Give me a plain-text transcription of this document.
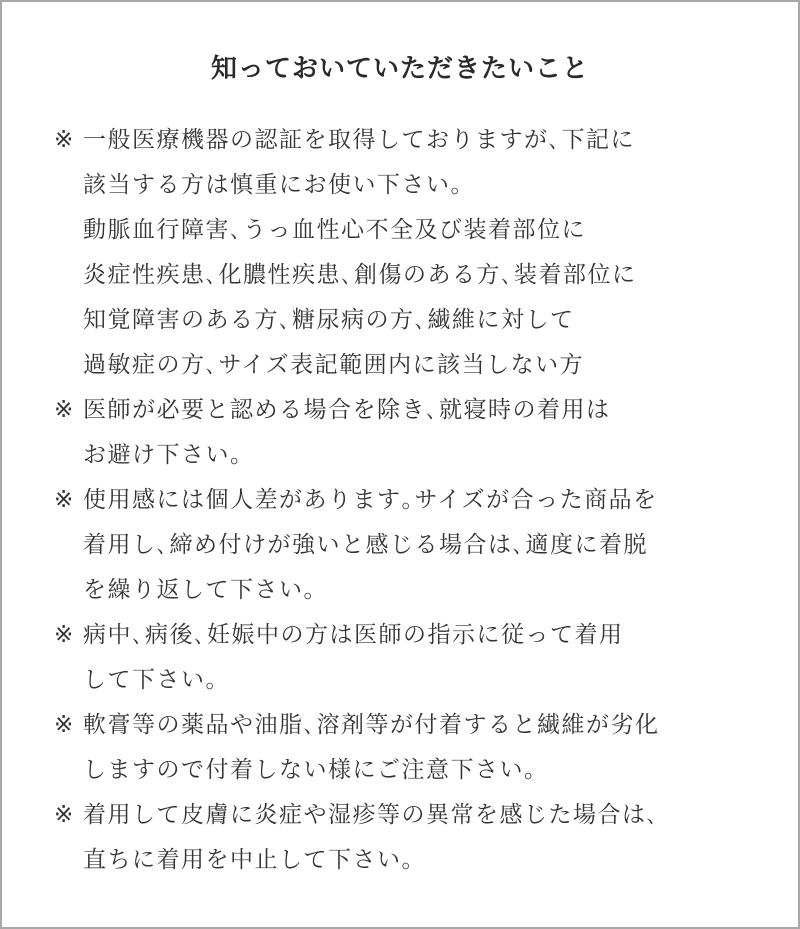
知っておいていただきたいこと
※ 一般医療機器の認証を取得しておりますが､下記に
該当する方は慎重にお使い下さい。
動脈血行障害､うっ血性心不全及び装着部位に
炎症性疾患､化膿性疾患､創傷のある方､装着部位に
知覚障害のある方､糖尿病の方､繊維に対して
過敏症の方､サイズ表記範囲内に該当しない方
※ 医師が必要と認める場合を除き､就寝時の着用は
お避け下さい。
※ 使用感には個人差があります｡サイズが合った商品を
着用し､締め付けが強いと感じる場合は､適度に着脱
を繰り返して下さい。
※ 病中､病後､妊娠中の方は医師の指示に従って着用
して下さい。
※ 軟膏等の薬品や油脂､溶剤等が付着すると繊維が劣化
しますので付着しない様にご注意下さい。
※ 着用して皮膚に炎症や湿疹等の異常を感じた場合は､
直ちに着用を中止して下さい。
